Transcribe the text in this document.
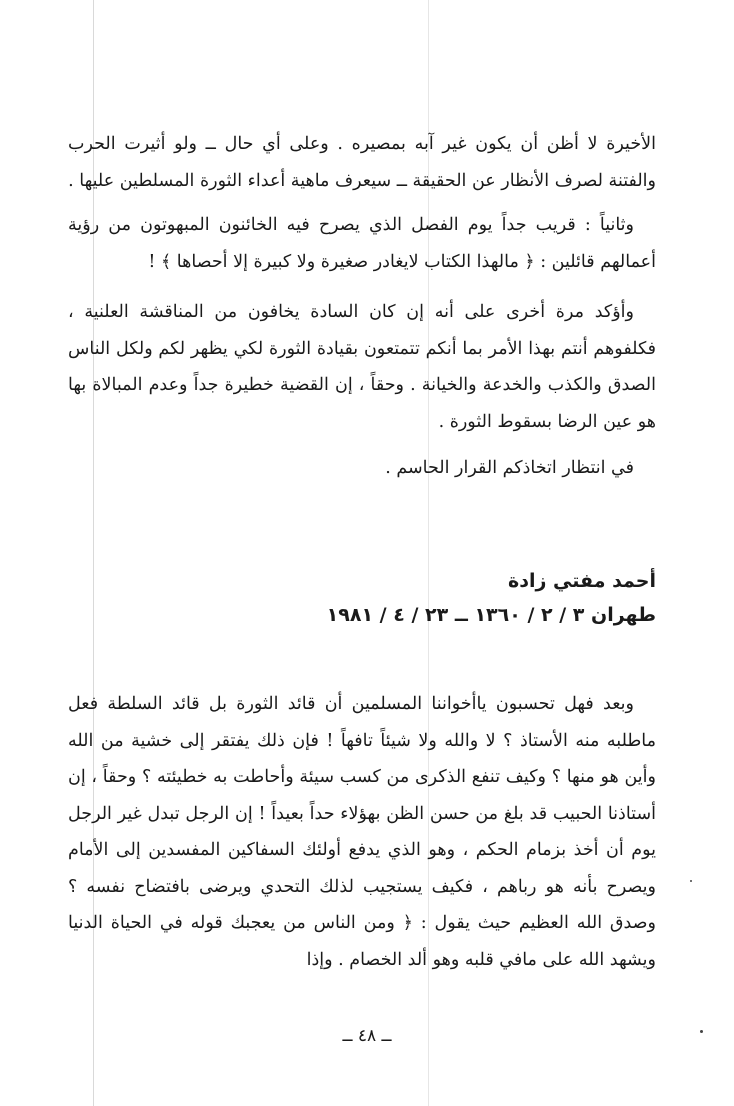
الأخيرة لا أظن أن يكون غير آبه بمصيره . وعلى أي حال ــ ولو أثيرت الحرب والفتنة لصرف الأنظار عن الحقيقة ــ سيعرف ماهية أعداء الثورة المسلطين عليها .

وثانياً : قريب جداً يوم الفصل الذي يصرح فيه الخائنون المبهوتون من رؤية أعمالهم قائلين : ﴿ مالهذا الكتاب لايغادر صغيرة ولا كبيرة إلا أحصاها ﴾ !

وأؤكد مرة أخرى على أنه إن كان السادة يخافون من المناقشة العلنية ، فكلفوهم أنتم بهذا الأمر بما أنكم تتمتعون بقيادة الثورة لكي يظهر لكم ولكل الناس الصدق والكذب والخدعة والخيانة . وحقاً ، إن القضية خطيرة جداً وعدم المبالاة بها هو عين الرضا بسقوط الثورة .

في انتظار اتخاذكم القرار الحاسم .

أحمد مفتي زادة
طهران ٣ / ٢ / ١٣٦٠ ــ ٢٣ / ٤ / ١٩٨١

وبعد فهل تحسبون ياأخواننا المسلمين أن قائد الثورة بل قائد السلطة فعل ماطلبه منه الأستاذ ؟ لا والله ولا شيئاً تافهاً ! فإن ذلك يفتقر إلى خشية من الله وأين هو منها ؟ وكيف تنفع الذكرى من كسب سيئة وأحاطت به خطيئته ؟ وحقاً ، إن أستاذنا الحبيب قد بلغ من حسن الظن بهؤلاء حداً بعيداً ! إن الرجل تبدل غير الرجل يوم أن أخذ بزمام الحكم ، وهو الذي يدفع أولئك السفاكين المفسدين إلى الأمام ويصرح بأنه هو رباهم ، فكيف يستجيب لذلك التحدي ويرضى بافتضاح نفسه ؟ وصدق الله العظيم حيث يقول : ﴿ ومن الناس من يعجبك قوله في الحياة الدنيا ويشهد الله على مافي قلبه وهو ألد الخصام . وإذا

ــ ٤٨ ــ
